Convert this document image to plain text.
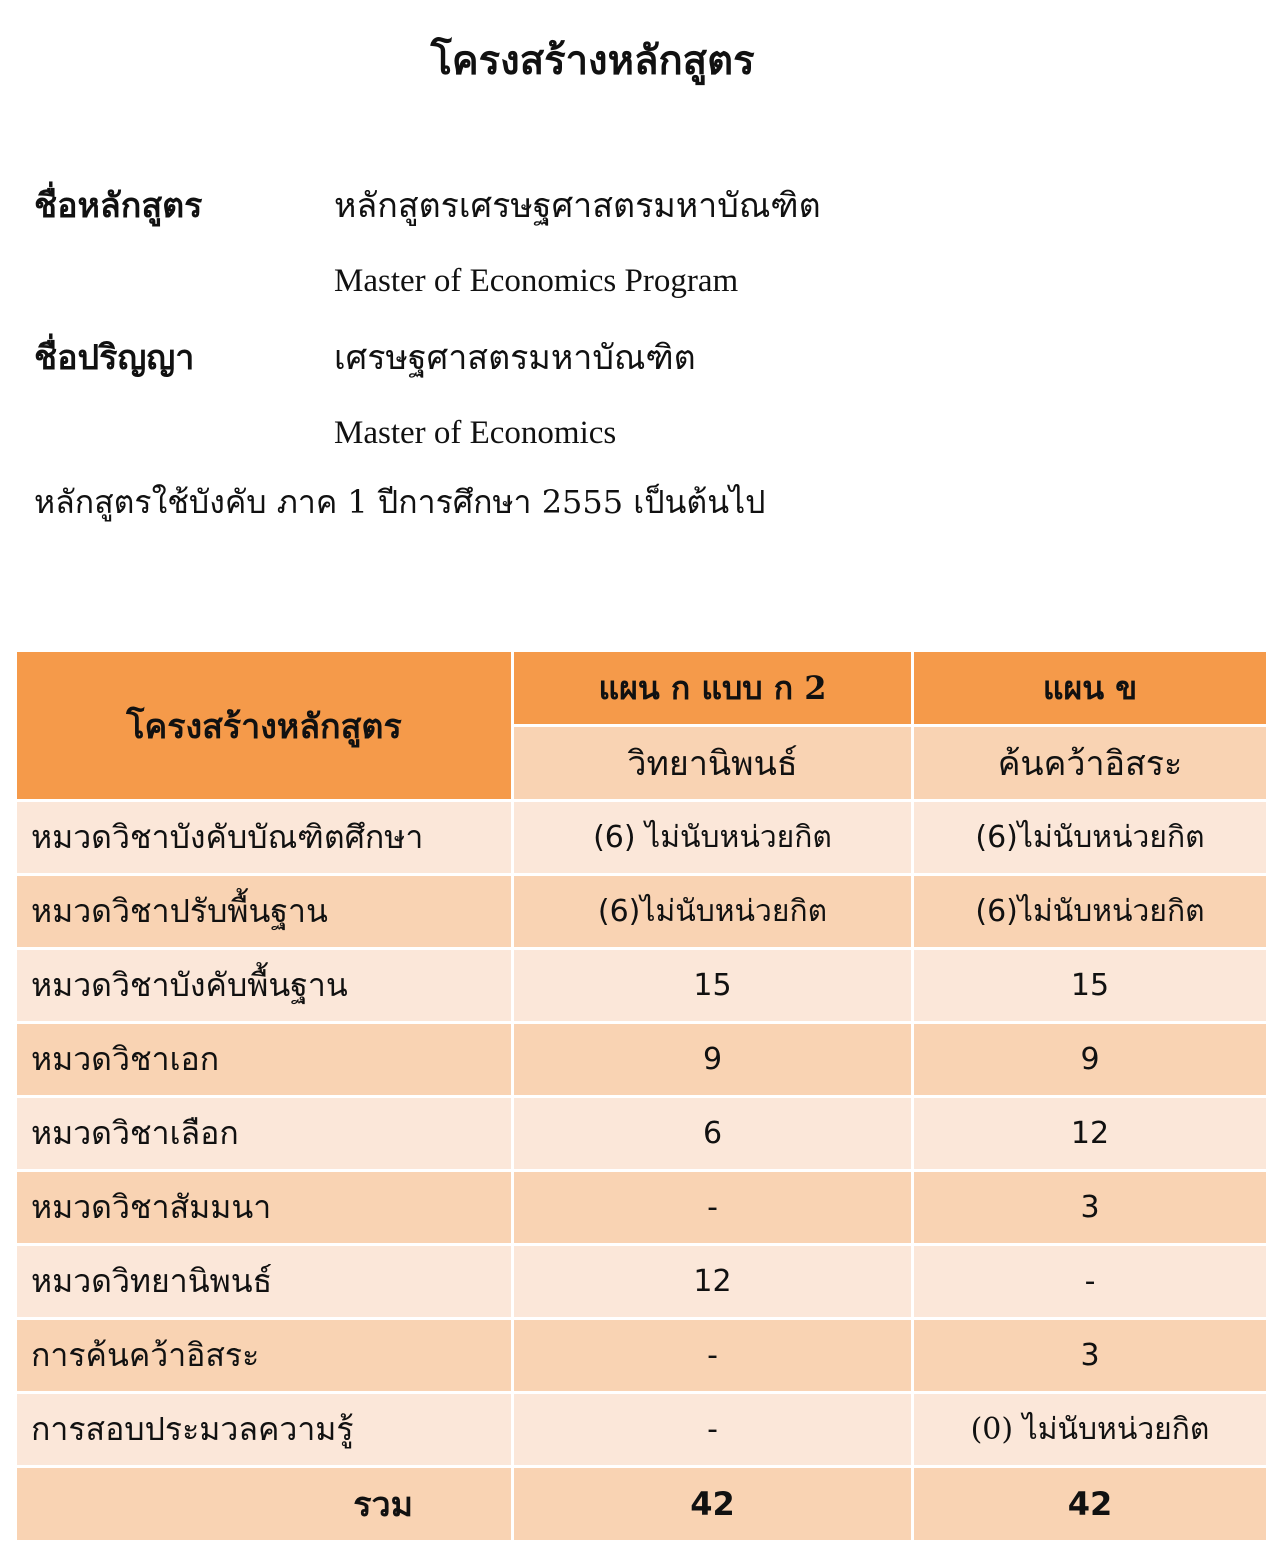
โครงสร้างหลักสูตร
ชื่อหลักสูตร	หลักสูตรเศรษฐศาสตรมหาบัณฑิต
Master of Economics Program
ชื่อปริญญา	เศรษฐศาสตรมหาบัณฑิต
Master of Economics
หลักสูตรใช้บังคับ ภาค 1 ปีการศึกษา 2555 เป็นต้นไป
โครงสร้างหลักสูตร	แผน ก แบบ ก 2	แผน ข
	วิทยานิพนธ์	ค้นคว้าอิสระ
หมวดวิชาบังคับบัณฑิตศึกษา	(6) ไม่นับหน่วยกิต	(6)ไม่นับหน่วยกิต
หมวดวิชาปรับพื้นฐาน	(6)ไม่นับหน่วยกิต	(6)ไม่นับหน่วยกิต
หมวดวิชาบังคับพื้นฐาน	15	15
หมวดวิชาเอก	9	9
หมวดวิชาเลือก	6	12
หมวดวิชาสัมมนา	-	3
หมวดวิทยานิพนธ์	12	-
การค้นคว้าอิสระ	-	3
การสอบประมวลความรู้	-	(0) ไม่นับหน่วยกิต
รวม	42	42
